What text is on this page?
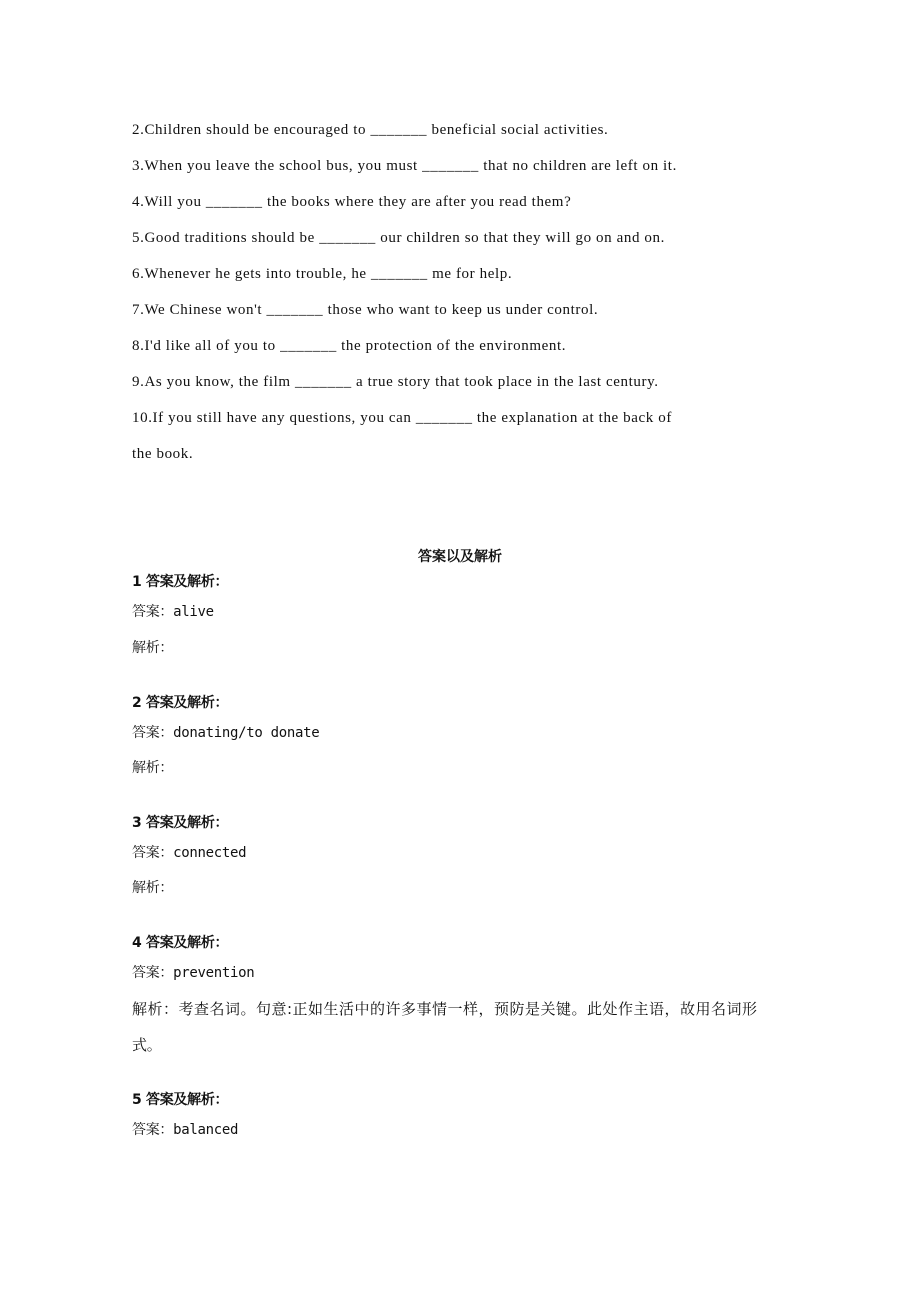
2.Children should be encouraged to _______ beneficial social activities.
3.When you leave the school bus, you must _______ that no children are left on it.
4.Will you _______ the books where they are after you read them?
5.Good traditions should be _______ our children so that they will go on and on.
6.Whenever he gets into trouble, he _______ me for help.
7.We Chinese won't _______ those who want to keep us under control.
8.I'd like all of you to _______ the protection of the environment.
9.As you know, the film _______ a true story that took place in the last century.
10.If you still have any questions, you can _______ the explanation at the back of
the book.
答案以及解析
1 答案及解析：
答案：alive
解析：
2 答案及解析：
答案：donating/to donate
解析：
3 答案及解析：
答案：connected
解析：
4 答案及解析：
答案：prevention
解析：考查名词。句意:正如生活中的许多事情一样，预防是关键。此处作主语，故用名词形
式。
5 答案及解析：
答案：balanced
